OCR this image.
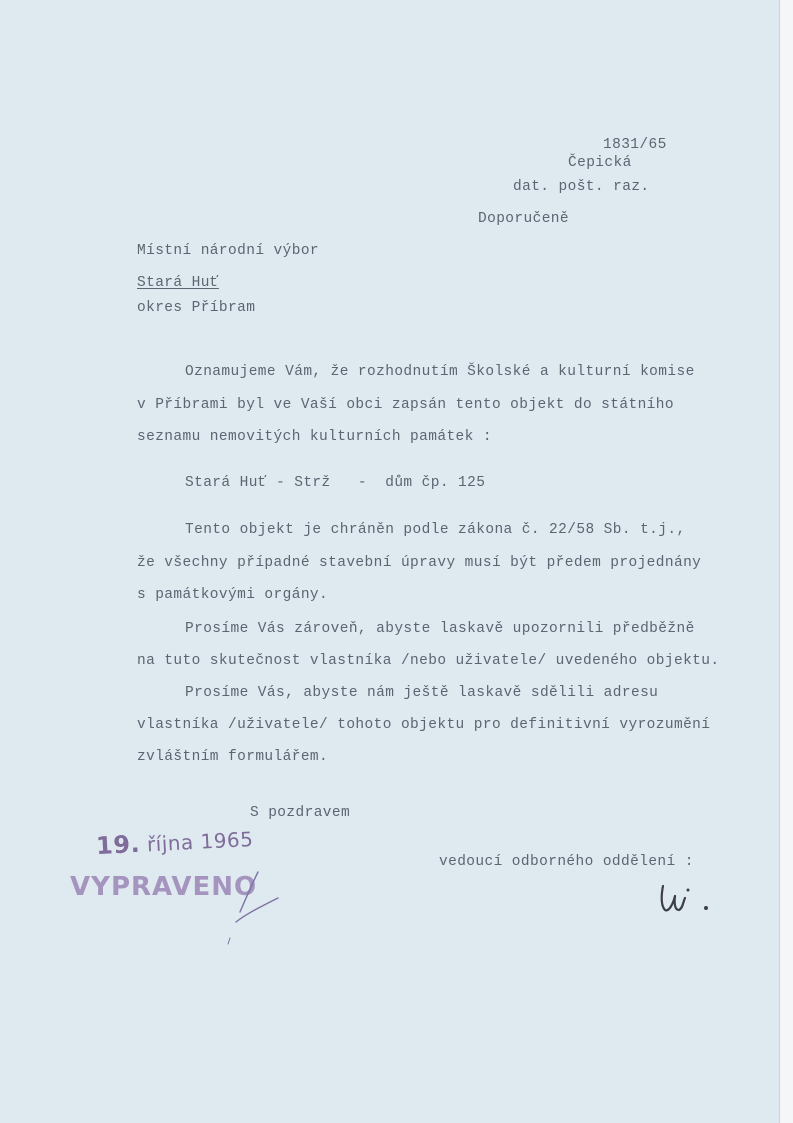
1831/65
Čepická
dat. pošt. raz.
Doporučeně
Místní národní výbor
Stará Huť
okres Příbram
Oznamujeme Vám, že rozhodnutím Školské a kulturní komise
v Příbrami byl ve Vaší obci zapsán tento objekt do státního
seznamu nemovitých kulturních památek :
Stará Huť - Strž   -  dům čp. 125
Tento objekt je chráněn podle zákona č. 22/58 Sb. t.j.,
že všechny případné stavební úpravy musí být předem projednány
s památkovými orgány.
Prosíme Vás zároveň, abyste laskavě upozornili předběžně
na tuto skutečnost vlastníka /nebo uživatele/ uvedeného objektu.
Prosíme Vás, abyste nám ještě laskavě sdělili adresu
vlastníka /uživatele/ tohoto objektu pro definitivní vyrozumění
zvláštním formulářem.
S pozdravem
vedoucí odborného oddělení :
19. října 1965
VYPRAVENO
